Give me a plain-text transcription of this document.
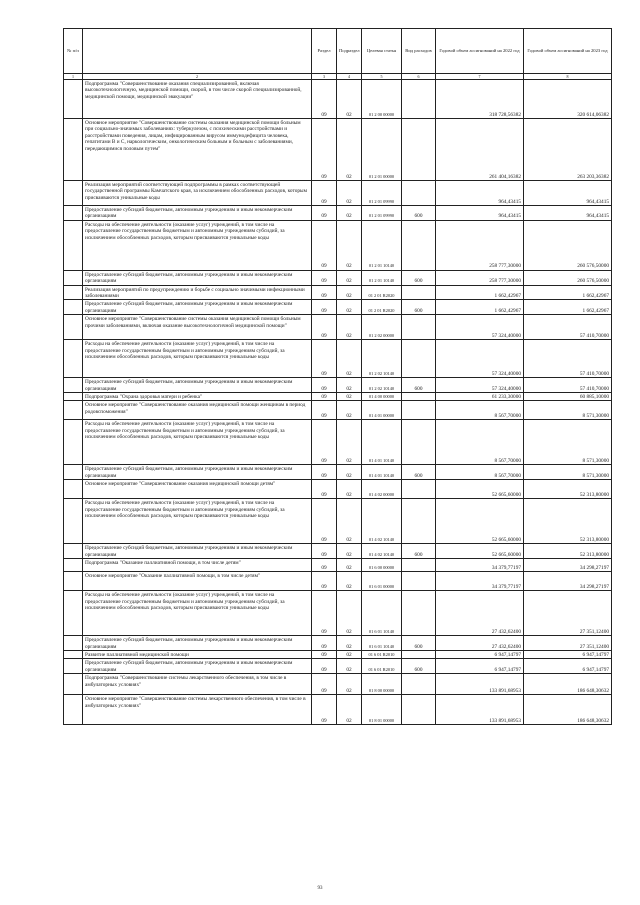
№ п/п		Раздел	Подраздел	Целевая статья	Вид расходов	Годовой объем ассигнований на 2022 год	Годовой объем ассигнований на 2023 год
1	2	3	4	5	6	7	8
	Подпрограмма "Совершенствование оказания специализированной, включая высокотехнологичную, медицинской помощи, скорой, в том числе скорой специализированной, медицинской помощи, медицинской эвакуации"	09	02	01 2 00 00000		318 728,56382	320 614,06382
	Основное мероприятие "Совершенствование системы оказания медицинской помощи больным при социально-значимых заболеваниях: туберкулезом, с психическими расстройствами и расстройствами поведения, лицам, инфицированным вирусом иммунодефицита человека, гепатитами В и С, наркологическим, онкологическим больным и больным с заболеваниями, передающимися половым путем"	09	02	01 2 01 00000		261 404,16382	263 203,36382
	Реализация мероприятий соответствующей подпрограммы в рамках соответствующей государственной программы Камчатского края, за исключением обособленных расходов, которым присваиваются уникальные коды	09	02	01 2 01 09990		964,43415	964,43415
	Предоставление субсидий бюджетным, автономным учреждениям и иным некоммерческим организациям	09	02	01 2 01 09990	600	964,43415	964,43415
	Расходы на обеспечение деятельности (оказание услуг) учреждений, в том числе на предоставление государственным бюджетным и автономным учреждениям субсидий, за исключением обособленных расходов, которым присваиваются уникальные коды	09	02	01 2 01 10140		258 777,30000	260 576,50000
	Предоставление субсидий бюджетным, автономным учреждениям и иным некоммерческим организациям	09	02	01 2 01 10140	600	258 777,30000	260 576,50000
	Реализация мероприятий по предупреждению и борьбе с социально значимыми инфекционными заболеваниями	09	02	01 2 01 R2020		1 662,42967	1 662,42967
	Предоставление субсидий бюджетным, автономным учреждениям и иным некоммерческим организациям	09	02	01 2 01 R2020	600	1 662,42967	1 662,42967
	Основное мероприятие "Совершенствование системы оказания медицинской помощи больным прочими заболеваниями, включая оказание высокотехнологичной медицинской помощи"	09	02	01 2 02 00000		57 324,40000	57 410,70000
	Расходы на обеспечение деятельности (оказание услуг) учреждений, в том числе на предоставление государственным бюджетным и автономным учреждениям субсидий, за исключением обособленных расходов, которым присваиваются уникальные коды	09	02	01 2 02 10140		57 324,40000	57 410,70000
	Предоставление субсидий бюджетным, автономным учреждениям и иным некоммерческим организациям	09	02	01 2 02 10140	600	57 324,40000	57 410,70000
	Подпрограмма "Охрана здоровья матери и ребенка"	09	02	01 4 00 00000		61 233,30000	60 885,10000
	Основное мероприятие "Совершенствование оказания медицинской помощи женщинам в период родовспоможения"	09	02	01 4 01 00000		8 567,70000	8 571,30000
	Расходы на обеспечение деятельности (оказание услуг) учреждений, в том числе на предоставление государственным бюджетным и автономным учреждениям субсидий, за исключением обособленных расходов, которым присваиваются уникальные коды	09	02	01 4 01 10140		8 567,70000	8 571,30000
	Предоставление субсидий бюджетным, автономным учреждениям и иным некоммерческим организациям	09	02	01 4 01 10140	600	8 567,70000	8 571,30000
	Основное мероприятие "Совершенствование оказания медицинской помощи детям"	09	02	01 4 02 00000		52 665,60000	52 313,80000
	Расходы на обеспечение деятельности (оказание услуг) учреждений, в том числе на предоставление государственным бюджетным и автономным учреждениям субсидий, за исключением обособленных расходов, которым присваиваются уникальные коды	09	02	01 4 02 10140		52 665,60000	52 313,80000
	Предоставление субсидий бюджетным, автономным учреждениям и иным некоммерческим организациям	09	02	01 4 02 10140	600	52 665,60000	52 313,80000
	Подпрограмма "Оказание паллиативной помощи, в том числе детям"	09	02	01 6 00 00000		34 379,77197	34 298,27197
	Основное мероприятие "Оказание паллиативной помощи, в том числе детям"	09	02	01 6 01 00000		34 379,77197	34 298,27197
	Расходы на обеспечение деятельности (оказание услуг) учреждений, в том числе на предоставление государственным бюджетным и автономным учреждениям субсидий, за исключением обособленных расходов, которым присваиваются уникальные коды	09	02	01 6 01 10140		27 432,62400	27 351,12400
	Предоставление субсидий бюджетным, автономным учреждениям и иным некоммерческим организациям	09	02	01 6 01 10140	600	27 432,62400	27 351,12400
	Развитие паллиативной медицинской помощи	09	02	01 6 01 R2010		6 947,14797	6 947,14797
	Предоставление субсидий бюджетным, автономным учреждениям и иным некоммерческим организациям	09	02	01 6 01 R2010	600	6 947,14797	6 947,14797
	Подпрограмма "Совершенствование системы лекарственного обеспечения, в том числе в амбулаторных условиях"	09	02	01 8 00 00000		133 891,68953	186 648,30632
	Основное мероприятие "Совершенствование системы лекарственного обеспечения, в том числе в амбулаторных условиях"	09	02	01 8 01 00000		133 891,68953	186 648,30632
93
